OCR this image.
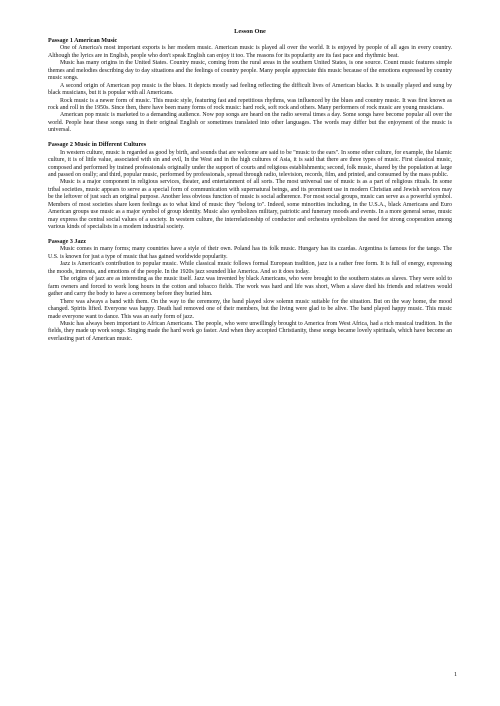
Lesson One
Passage 1 American Music

One of America's most important exports is her modern music. American music is played all over the world. It is enjoyed by people of all ages in every country. Although the lyrics are in English, people who don't speak English can enjoy it too. The reasons for its popularity are its fast pace and rhythmic beat.

Music has many origins in the United States. Country music, coming from the rural areas in the southern United States, is one source. Count music features simple themes and melodies describing day to day situations and the feelings of country people. Many people appreciate this music because of the emotions expressed by country music songs.

A second origin of American pop music is the blues. It depicts mostly sad feeling reflecting the difficult lives of American blacks. It is usually played and sung by black musicians, but it is popular with all Americans.

Rock music is a newer form of music. This music style, featuring fast and repetitious rhythms, was influenced by the blues and country music. It was first known as rock and roll in the 1950s. Since then, there have been many forms of rock music: hard rock, soft rock and others. Many performers of rock music are young musicians.

American pop music is marketed to a demanding audience. Now pop songs are heard on the radio several times a day. Some songs have become popular all over the world. People hear these songs sung in their original English or sometimes translated into other languages. The words may differ but the enjoyment of the music is universal.

Passage 2 Music in Different Cultures

In western culture, music is regarded as good by birth, and sounds that are welcome are said to be "music to the ears". In some other culture, for example, the Islamic culture, it is of little value, associated with sin and evil, In the West and in the high cultures of Asia, it is said that there are three types of music. First classical music, composed and performed by trained professionals originally under the support of courts and religious establishments; second, folk music, shared by the population at large and passed on orally; and third, popular music, performed by professionals, spread through radio, television, records, film, and printed, and consumed by the mass public.

Music is a major component in religious services, theater, and entertainment of all sorts. The most universal use of music is as a part of religious rituals. In some tribal societies, music appears to serve as a special form of communication with supernatural beings, and its prominent use in modern Christian and Jewish services may be the leftover of just such an original purpose. Another less obvious function of music is social adherence. For most social groups, music can serve as a powerful symbol. Members of most societies share keen feelings as to what kind of music they "belong to". Indeed, some minorities including, in the U.S.A., black Americans and Euro American groups use music as a major symbol of group identity. Music also symbolizes military, patriotic and funerary moods and events. In a more general sense, music may express the central social values of a society. In western culture, the interrelationship of conductor and orchestra symbolizes the need for strong cooperation among various kinds of specialists in a modern industrial society.

Passage 3 Jazz

Music comes in many forms; many countries have a style of their own. Poland has its folk music. Hungary has its czardas. Argentina is famous for the tango. The U.S. is known for just a type of music that has gained worldwide popularity.

Jazz is American's contribution to popular music. While classical music follows formal European tradition, jazz is a rather free form. It is full of energy, expressing the moods, interests, and emotions of the people. In the 1920s jazz sounded like America. And so it does today.

The origins of jazz are as interesting as the music itself. Jazz was invented by black Americans, who were brought to the southern states as slaves. They were sold to farm owners and forced to work long hours in the cotton and tobacco fields. The work was hard and life was short, When a slave died his friends and relatives would gather and carry the body to have a ceremony before they buried him.

There was always a band with them. On the way to the ceremony, the band played slow solemn music suitable for the situation. But on the way home, the mood changed. Spirits lifted. Everyone was happy. Death had removed one of their members, but the living were glad to be alive. The band played happy music. This music made everyone want to dance. This was an early form of jazz.

Music has always been important to African Americans. The people, who were unwillingly brought to America from West Africa, had a rich musical tradition. In the fields, they made up work songs. Singing made the hard work go faster. And when they accepted Christianity, these songs became lovely spirituals, which have become an everlasting part of American music.

1
